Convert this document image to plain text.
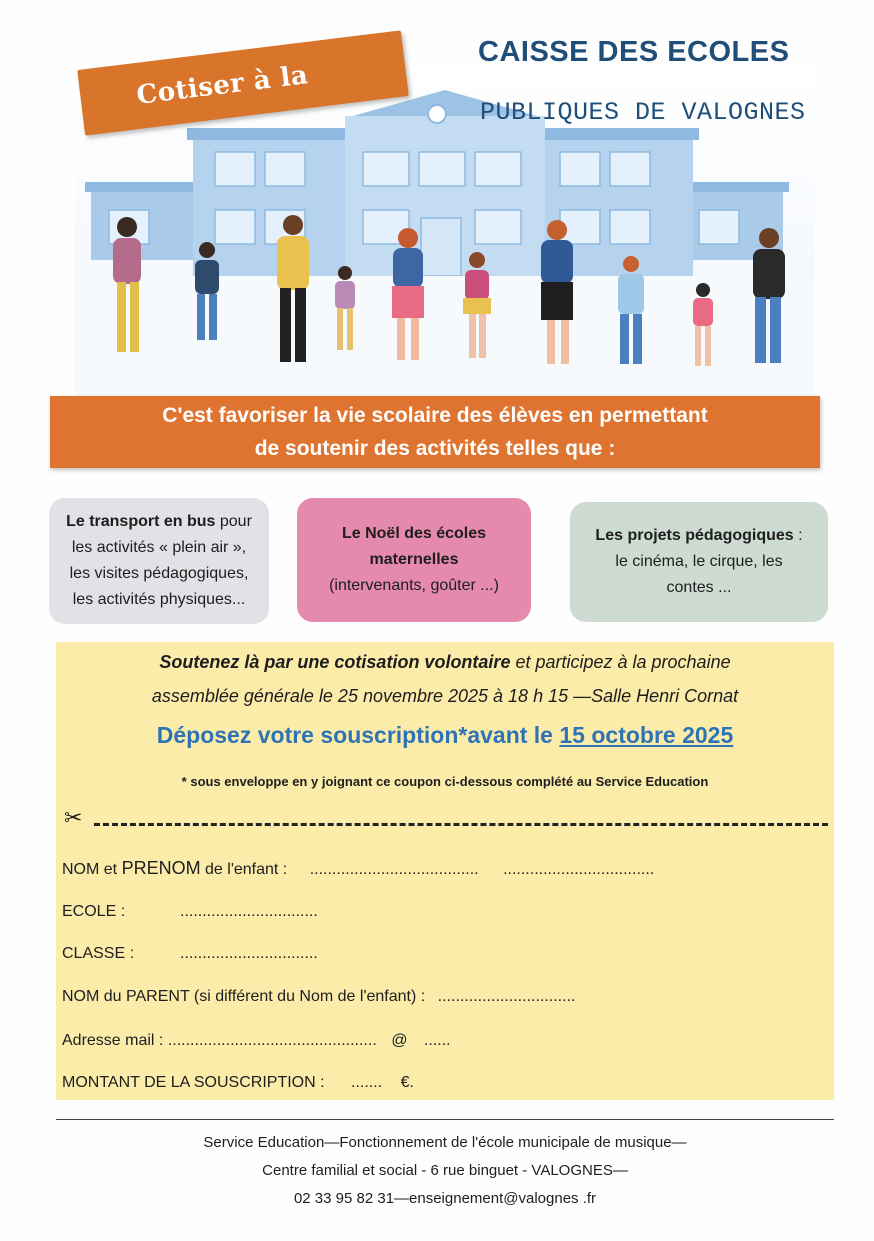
Cotiser à la
CAISSE DES ECOLES
PUBLIQUES DE VALOGNES
C'est favoriser la vie scolaire des élèves en permettant
de soutenir des activités telles que :
Le transport en bus pour
les activités « plein air »,
les visites pédagogiques,
les activités physiques...
Le Noël des écoles
maternelles
(intervenants, goûter ...)
Les projets pédagogiques :
le cinéma, le cirque, les
contes ...
Soutenez là par une cotisation volontaire et participez à la prochaine
assemblée générale le 25 novembre 2025 à 18 h 15 —Salle Henri Cornat
Déposez votre souscription*avant le 15 octobre 2025
* sous enveloppe en y joignant ce coupon ci-dessous complété au Service Education
✂
NOM et PRENOM de l'enfant : ...................................... ..................................
ECOLE :	...............................
CLASSE :	...............................
NOM du PARENT (si différent du Nom de l'enfant) : ...............................
Adresse mail : ............................................... @ ......
MONTANT DE LA SOUSCRIPTION : ....... €.
Service Education—Fonctionnement de l'école municipale de musique—
Centre familial et social - 6 rue binguet - VALOGNES—
02 33 95 82 31—enseignement@valognes .fr
